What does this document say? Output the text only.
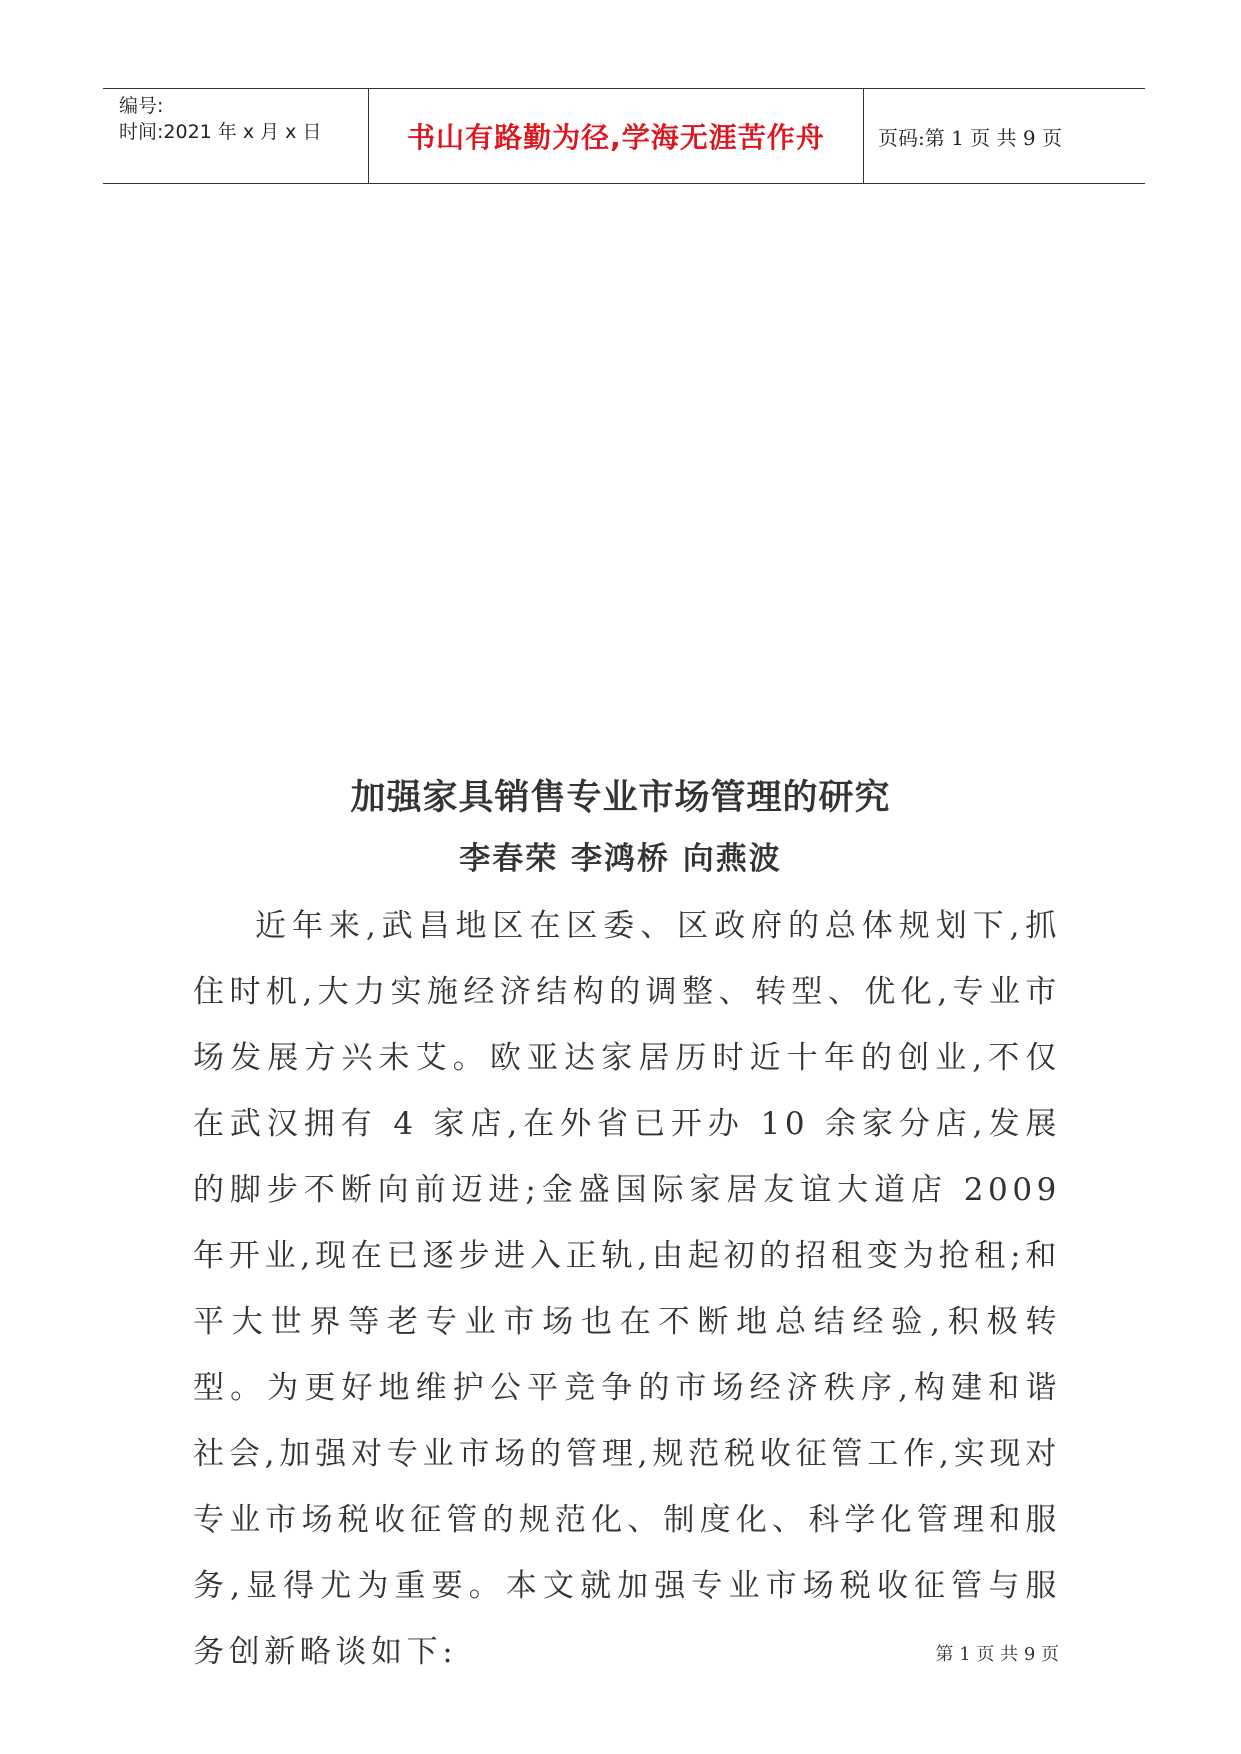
编号:
时间:2021 年 x 月 x 日	书山有路勤为径,学海无涯苦作舟	页码:第 1 页 共 9 页
加强家具销售专业市场管理的研究
李春荣 李鸿桥 向燕波

近年来,武昌地区在区委、区政府的总体规划下,抓住时机,大力实施经济结构的调整、转型、优化,专业市场发展方兴未艾。欧亚达家居历时近十年的创业,不仅在武汉拥有 4 家店,在外省已开办 10 余家分店,发展的脚步不断向前迈进;金盛国际家居友谊大道店 2009 年开业,现在已逐步进入正轨,由起初的招租变为抢租;和平大世界等老专业市场也在不断地总结经验,积极转型。为更好地维护公平竞争的市场经济秩序,构建和谐社会,加强对专业市场的管理,规范税收征管工作,实现对专业市场税收征管的规范化、制度化、科学化管理和服务,显得尤为重要。本文就加强专业市场税收征管与服务创新略谈如下:	第 1 页 共 9 页
